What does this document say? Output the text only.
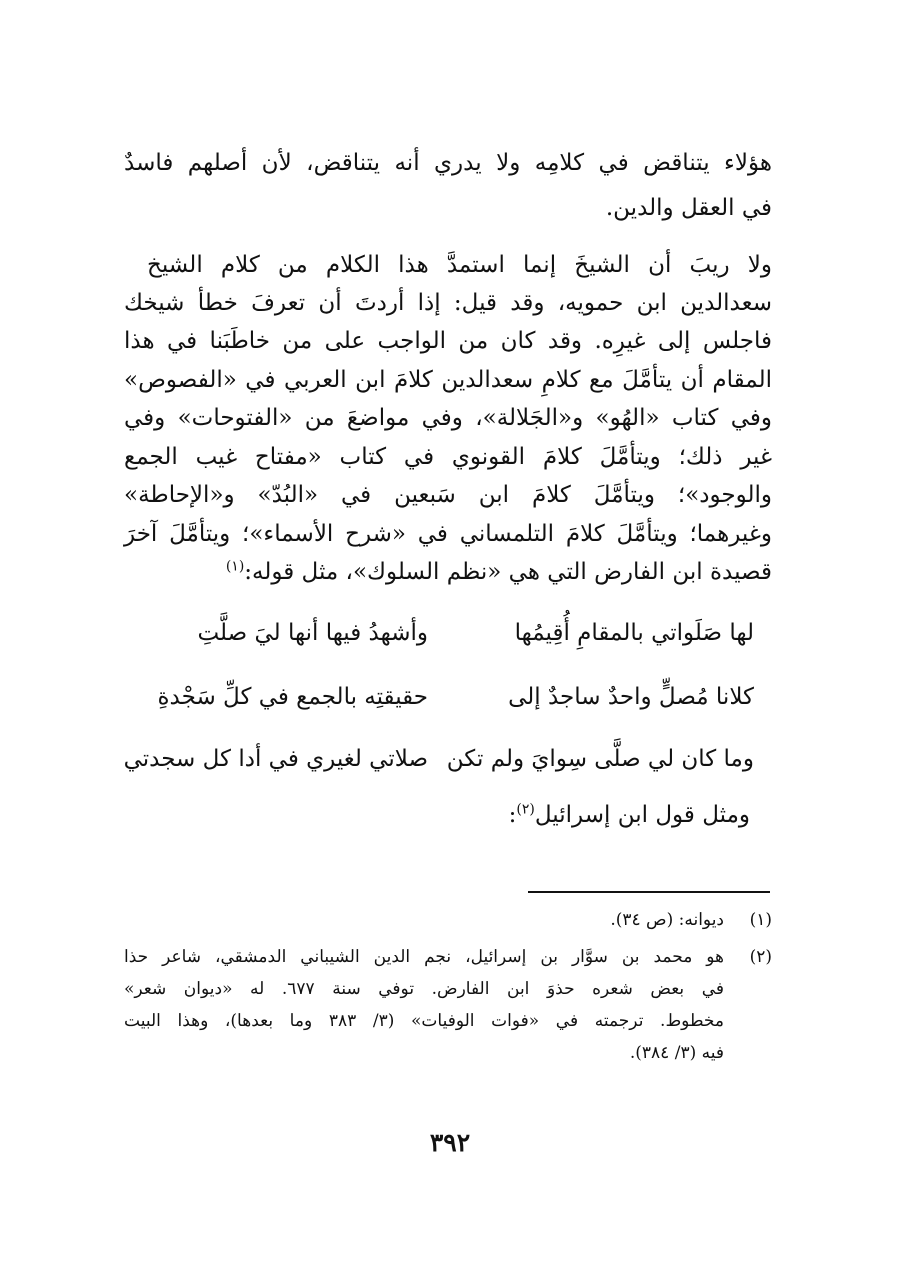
هؤلاء يتناقض في كلامِه ولا يدري أنه يتناقض، لأن أصلهم فاسدٌ
في العقل والدين.
ولا ريبَ أن الشيخَ إنما استمدَّ هذا الكلام من كلام الشيخ
سعدالدين ابن حمويه، وقد قيل: إذا أردتَ أن تعرفَ خطأ شيخك
فاجلس إلى غيرِه. وقد كان من الواجب على من خاطَبَنا في هذا
المقام أن يتأمَّلَ مع كلامِ سعدالدين كلامَ ابن العربي في «الفصوص»
وفي كتاب «الهُو» و«الجَلالة»، وفي مواضعَ من «الفتوحات» وفي
غير ذلك؛ ويتأمَّلَ كلامَ القونوي في كتاب «مفتاح غيب الجمع
والوجود»؛ ويتأمَّلَ كلامَ ابن سَبعين في «البُدّ» و«الإحاطة»
وغيرهما؛ ويتأمَّلَ كلامَ التلمساني في «شرح الأسماء»؛ ويتأمَّلَ آخرَ
قصيدة ابن الفارض التي هي «نظم السلوك»، مثل قوله:$^{(١)}$
لها صَلَواتي بالمقامِ أُقِيمُها
وأشهدُ فيها أنها ليَ صلَّتِ
كلانا مُصلٍّ واحدٌ ساجدٌ إلى
حقيقتِه بالجمع في كلِّ سَجْدةِ
وما كان لي صلَّى سِوايَ ولم تكن
صلاتي لغيري في أدا كل سجدتي
ومثل قول ابن إسرائيل$^{(٢)}$:
(١)
ديوانه: (ص ٣٤).
(٢)
هو محمد بن سوَّار بن إسرائيل، نجم الدين الشيباني الدمشقي، شاعر حذا
في بعض شعره حذوَ ابن الفارض. توفي سنة ٦٧٧. له «ديوان شعر»
مخطوط. ترجمته في «فوات الوفيات» (٣/ ٣٨٣ وما بعدها)، وهذا البيت
فيه (٣/ ٣٨٤).
٣٩٢
